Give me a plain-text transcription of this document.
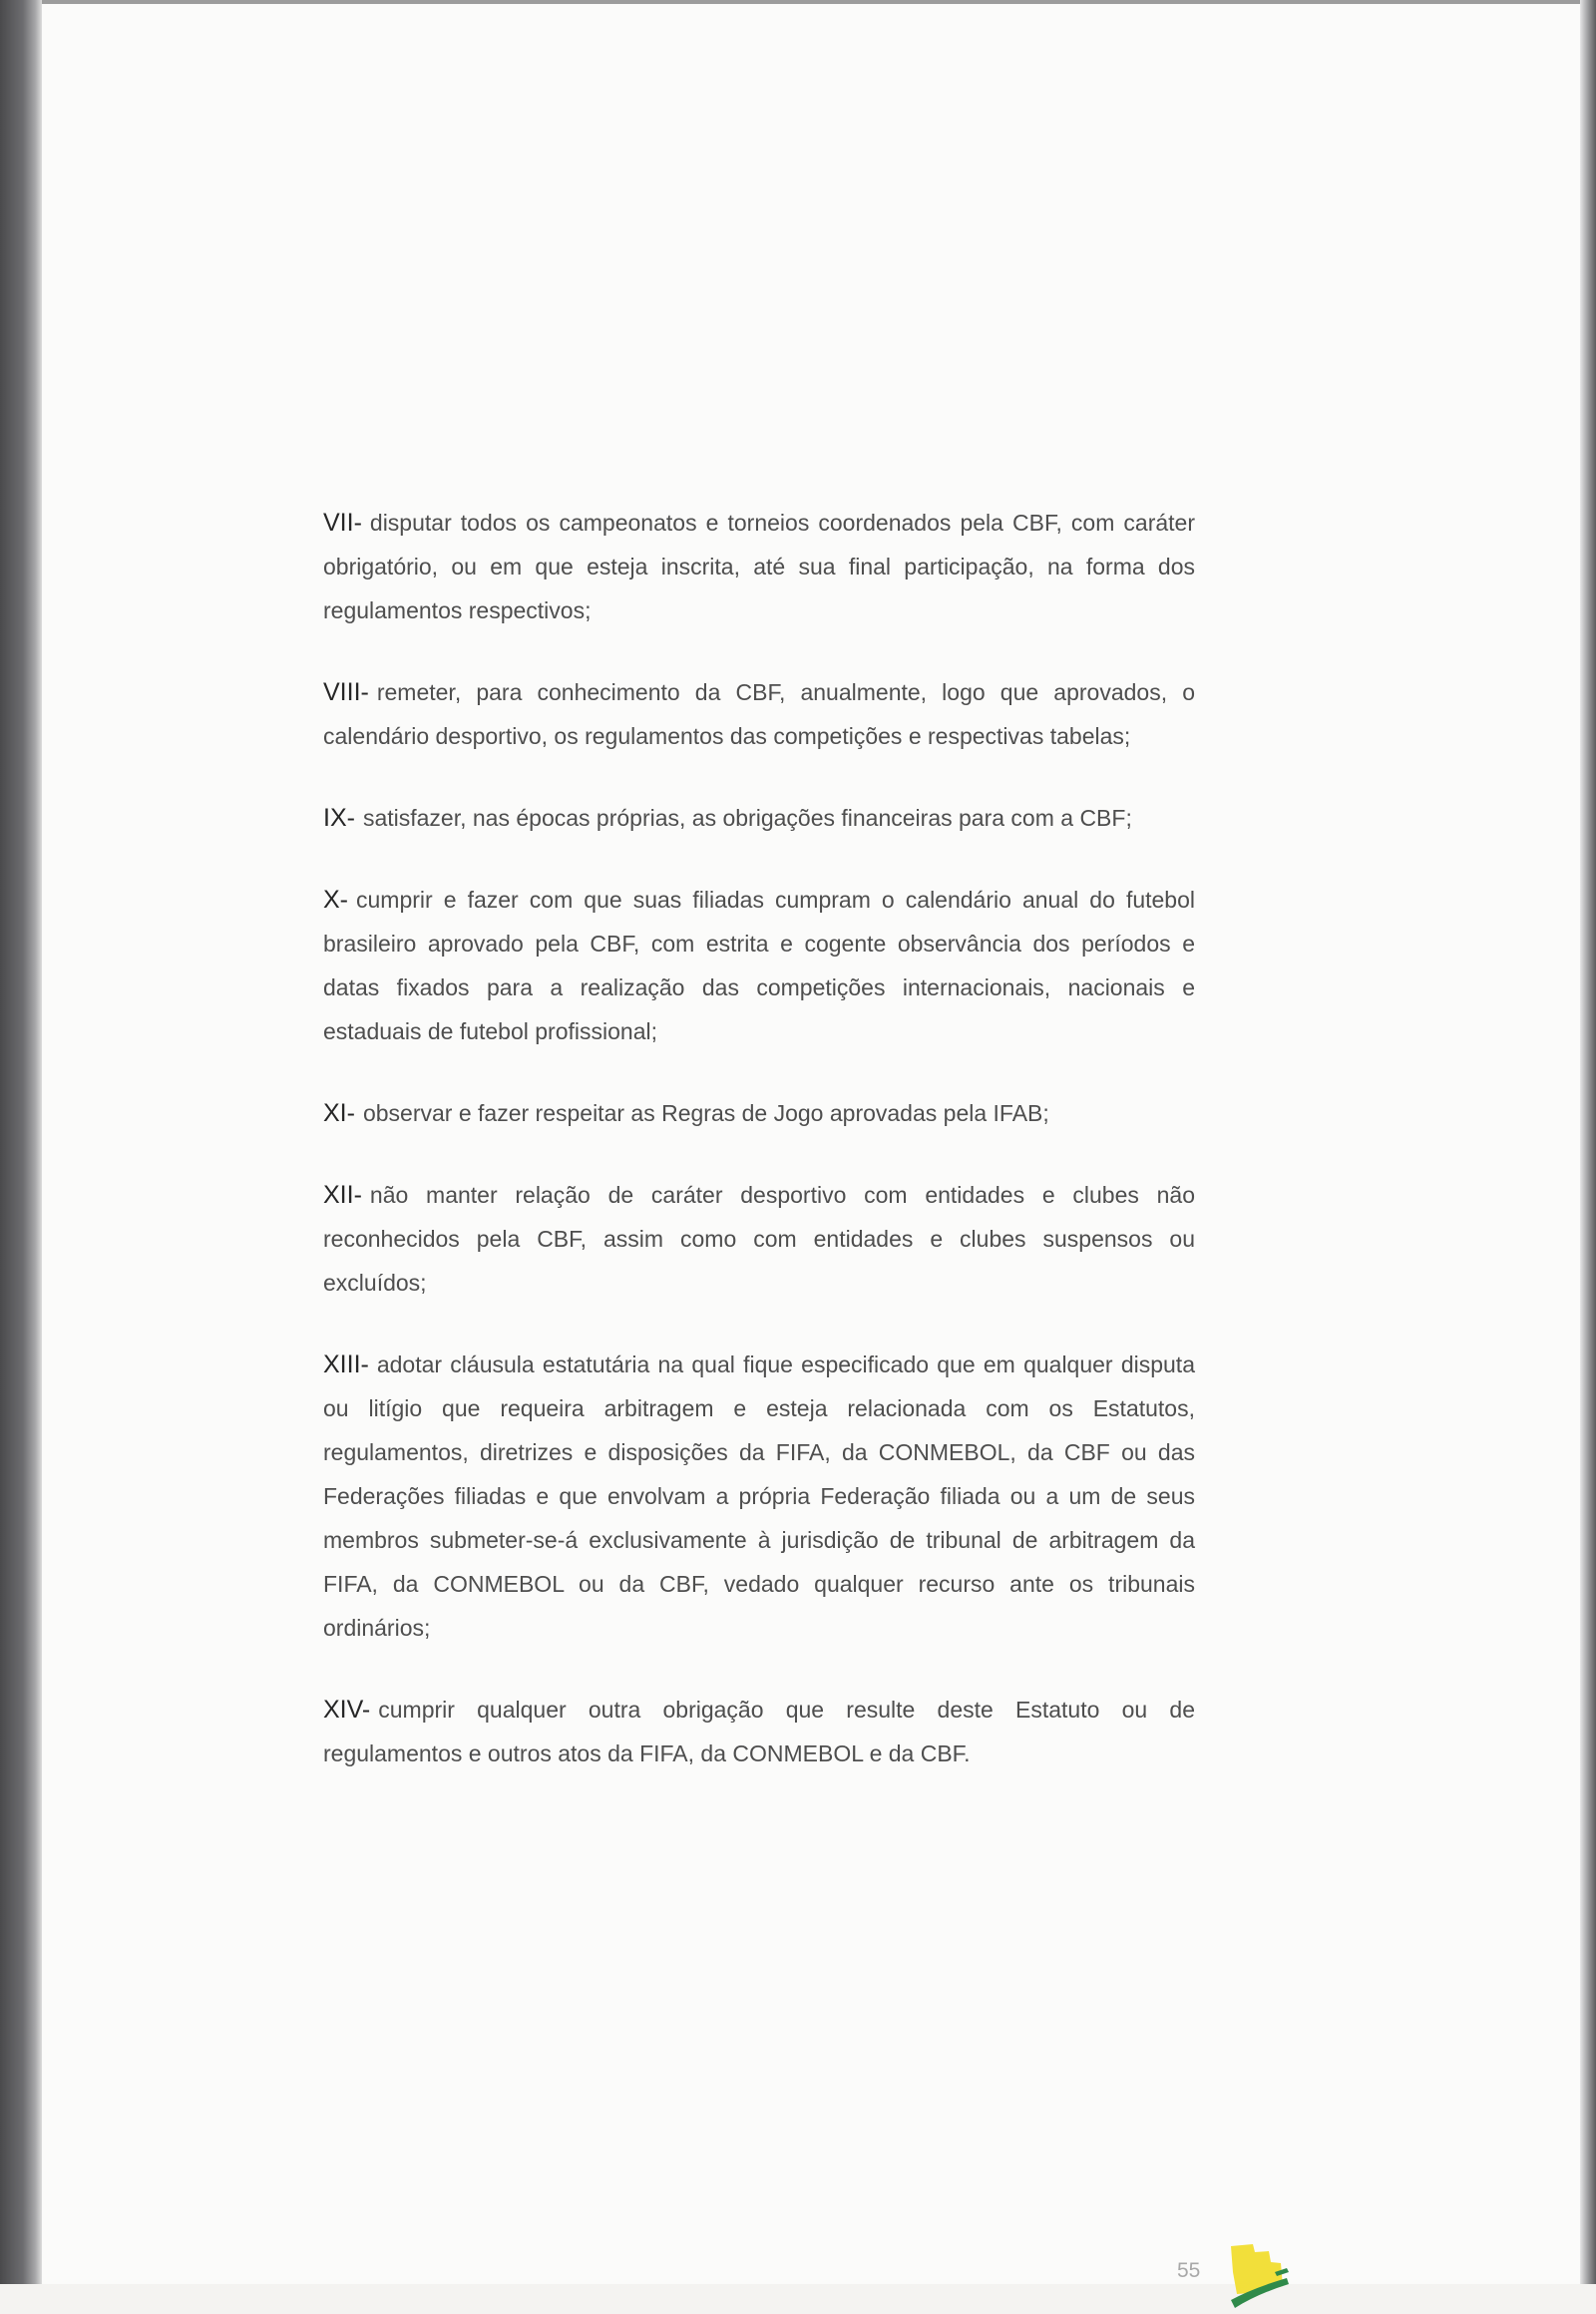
VII- disputar todos os campeonatos e torneios coordenados pela CBF, com caráter obrigatório, ou em que esteja inscrita, até sua final participação, na forma dos regulamentos respectivos;

VIII- remeter, para conhecimento da CBF, anualmente, logo que aprovados, o calendário desportivo, os regulamentos das competições e respectivas tabelas;

IX- satisfazer, nas épocas próprias, as obrigações financeiras para com a CBF;

X- cumprir e fazer com que suas filiadas cumpram o calendário anual do futebol brasileiro aprovado pela CBF, com estrita e cogente observância dos períodos e datas fixados para a realização das competições internacionais, nacionais e estaduais de futebol profissional;

XI- observar e fazer respeitar as Regras de Jogo aprovadas pela IFAB;

XII- não manter relação de caráter desportivo com entidades e clubes não reconhecidos pela CBF, assim como com entidades e clubes suspensos ou excluídos;

XIII- adotar cláusula estatutária na qual fique especificado que em qualquer disputa ou litígio que requeira arbitragem e esteja relacionada com os Estatutos, regulamentos, diretrizes e disposições da FIFA, da CONMEBOL, da CBF ou das Federações filiadas e que envolvam a própria Federação filiada ou a um de seus membros submeter-se-á exclusivamente à jurisdição de tribunal de arbitragem da FIFA, da CONMEBOL ou da CBF, vedado qualquer recurso ante os tribunais ordinários;

XIV- cumprir qualquer outra obrigação que resulte deste Estatuto ou de regulamentos e outros atos da FIFA, da CONMEBOL e da CBF.

55
